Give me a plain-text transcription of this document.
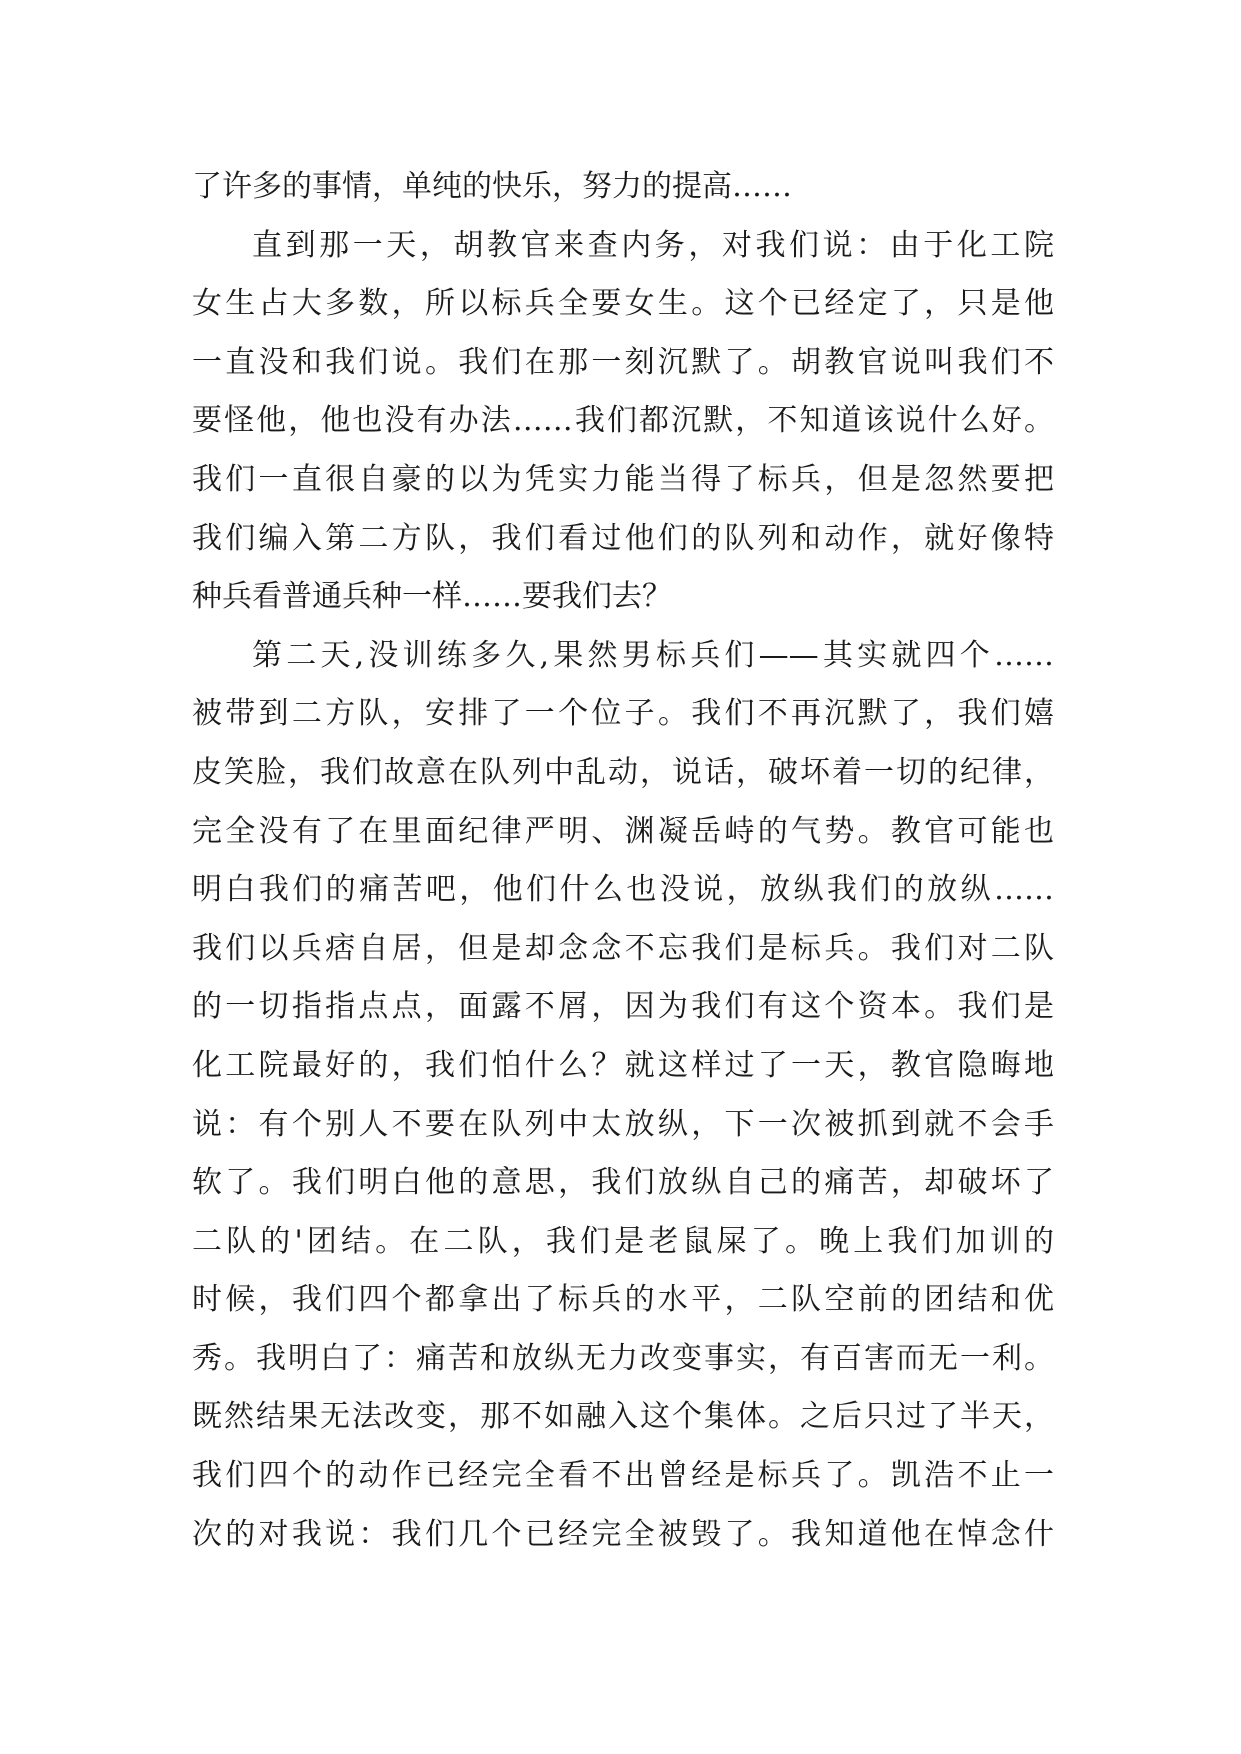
了许多的事情，单纯的快乐，努力的提高……
直到那一天，胡教官来查内务，对我们说：由于化工院
女生占大多数，所以标兵全要女生。这个已经定了，只是他
一直没和我们说。我们在那一刻沉默了。胡教官说叫我们不
要怪他，他也没有办法……我们都沉默，不知道该说什么好。
我们一直很自豪的以为凭实力能当得了标兵，但是忽然要把
我们编入第二方队，我们看过他们的队列和动作，就好像特
种兵看普通兵种一样……要我们去？
第二天,没训练多久,果然男标兵们——其实就四个……
被带到二方队，安排了一个位子。我们不再沉默了，我们嬉
皮笑脸，我们故意在队列中乱动，说话，破坏着一切的纪律，
完全没有了在里面纪律严明、渊凝岳峙的气势。教官可能也
明白我们的痛苦吧，他们什么也没说，放纵我们的放纵……
我们以兵痞自居，但是却念念不忘我们是标兵。我们对二队
的一切指指点点，面露不屑，因为我们有这个资本。我们是
化工院最好的，我们怕什么？就这样过了一天，教官隐晦地
说：有个别人不要在队列中太放纵，下一次被抓到就不会手
软了。我们明白他的意思，我们放纵自己的痛苦，却破坏了
二队的'团结。在二队，我们是老鼠屎了。晚上我们加训的
时候，我们四个都拿出了标兵的水平，二队空前的团结和优
秀。我明白了：痛苦和放纵无力改变事实，有百害而无一利。
既然结果无法改变，那不如融入这个集体。之后只过了半天，
我们四个的动作已经完全看不出曾经是标兵了。凯浩不止一
次的对我说：我们几个已经完全被毁了。我知道他在悼念什
